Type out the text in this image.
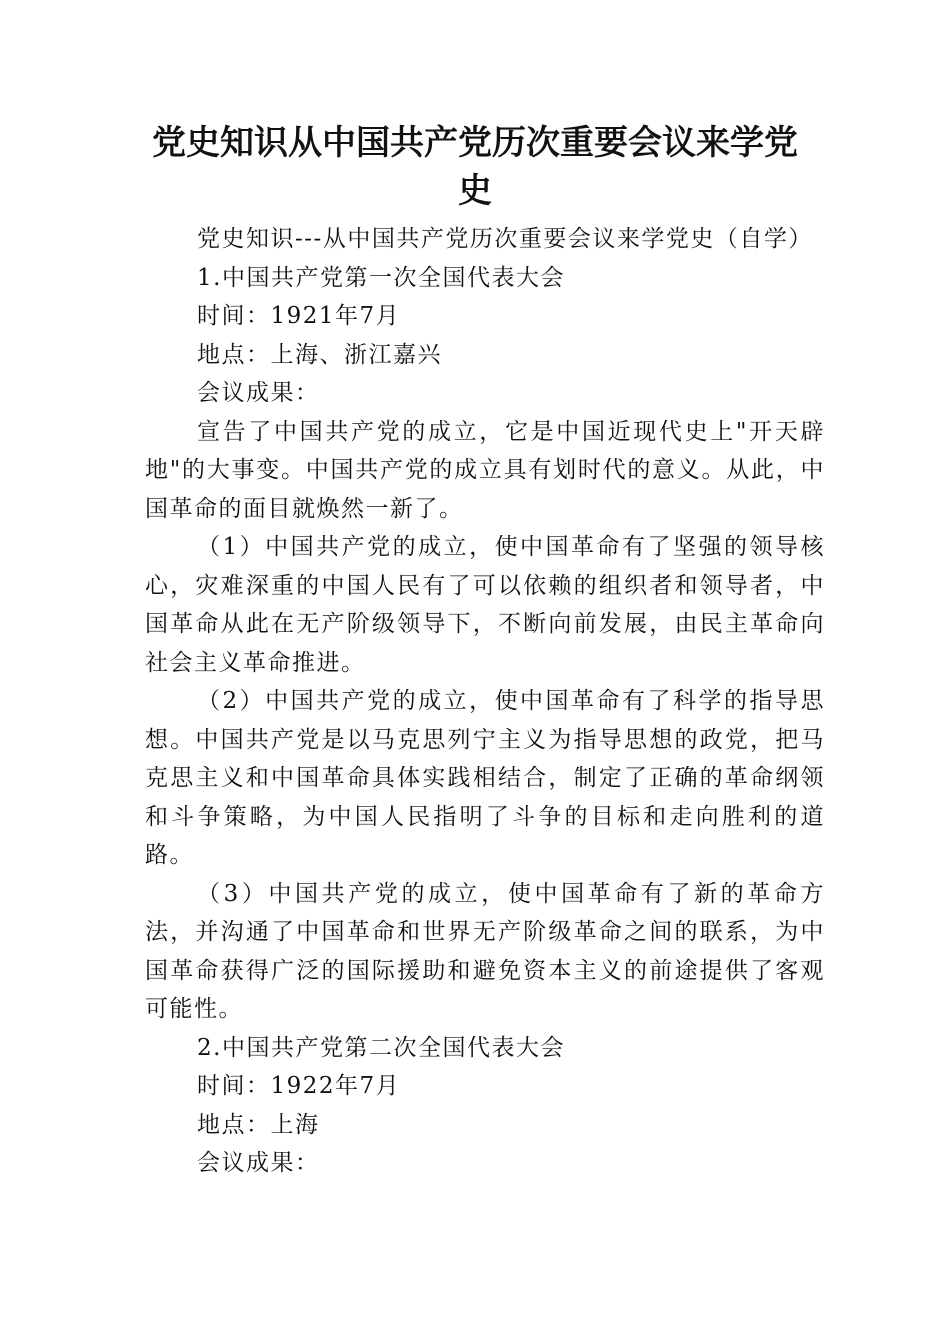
党史知识从中国共产党历次重要会议来学党
史

党史知识---从中国共产党历次重要会议来学党史（自学）

1.中国共产党第一次全国代表大会

时间：1921年7月

地点：上海、浙江嘉兴

会议成果：

宣告了中国共产党的成立，它是中国近现代史上"开天辟地"的大事变。中国共产党的成立具有划时代的意义。从此，中国革命的面目就焕然一新了。

（1）中国共产党的成立，使中国革命有了坚强的领导核心，灾难深重的中国人民有了可以依赖的组织者和领导者，中国革命从此在无产阶级领导下，不断向前发展，由民主革命向社会主义革命推进。

（2）中国共产党的成立，使中国革命有了科学的指导思想。中国共产党是以马克思列宁主义为指导思想的政党，把马克思主义和中国革命具体实践相结合，制定了正确的革命纲领和斗争策略，为中国人民指明了斗争的目标和走向胜利的道路。

（3）中国共产党的成立，使中国革命有了新的革命方法，并沟通了中国革命和世界无产阶级革命之间的联系，为中国革命获得广泛的国际援助和避免资本主义的前途提供了客观可能性。

2.中国共产党第二次全国代表大会

时间：1922年7月

地点：上海

会议成果：
